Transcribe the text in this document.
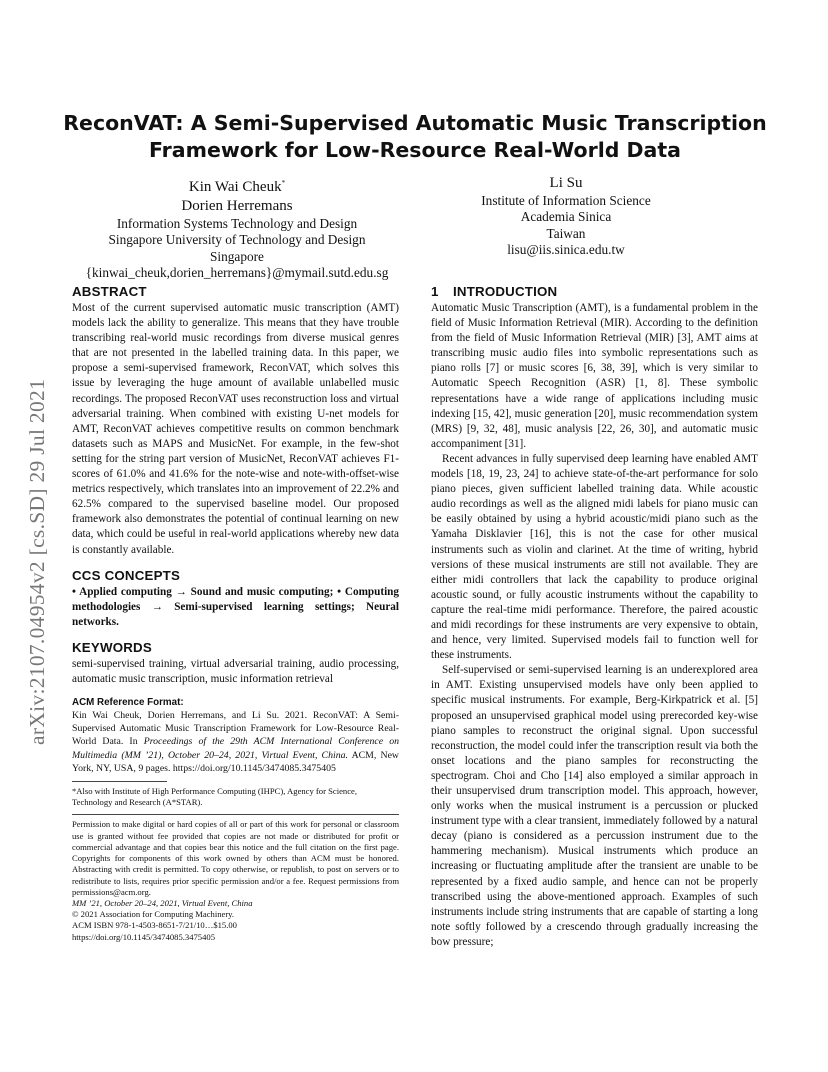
arXiv:2107.04954v2 [cs.SD] 29 Jul 2021
ReconVAT: A Semi-Supervised Automatic Music Transcription
Framework for Low-Resource Real-World Data
Kin Wai Cheuk*
Dorien Herremans
Information Systems Technology and Design
Singapore University of Technology and Design
Singapore
{kinwai_cheuk,dorien_herremans}@mymail.sutd.edu.sg
Li Su
Institute of Information Science
Academia Sinica
Taiwan
lisu@iis.sinica.edu.tw
ABSTRACT

Most of the current supervised automatic music transcription (AMT) models lack the ability to generalize. This means that they have trouble transcribing real-world music recordings from diverse musical genres that are not presented in the labelled training data. In this paper, we propose a semi-supervised framework, ReconVAT, which solves this issue by leveraging the huge amount of available unlabelled music recordings. The proposed ReconVAT uses reconstruction loss and virtual adversarial training. When combined with existing U-net models for AMT, ReconVAT achieves competitive results on common benchmark datasets such as MAPS and MusicNet. For example, in the few-shot setting for the string part version of MusicNet, ReconVAT achieves F1-scores of 61.0% and 41.6% for the note-wise and note-with-offset-wise metrics respectively, which translates into an improvement of 22.2% and 62.5% compared to the supervised baseline model. Our proposed framework also demonstrates the potential of continual learning on new data, which could be useful in real-world applications whereby new data is constantly available.

CCS CONCEPTS

• Applied computing → Sound and music computing; • Computing methodologies → Semi-supervised learning settings; Neural networks.

KEYWORDS

semi-supervised training, virtual adversarial training, audio processing, automatic music transcription, music information retrieval

ACM Reference Format:

Kin Wai Cheuk, Dorien Herremans, and Li Su. 2021. ReconVAT: A Semi-Supervised Automatic Music Transcription Framework for Low-Resource Real-World Data. In Proceedings of the 29th ACM International Conference on Multimedia (MM ’21), October 20–24, 2021, Virtual Event, China. ACM, New York, NY, USA, 9 pages. https://doi.org/10.1145/3474085.3475405

*Also with Institute of High Performance Computing (IHPC), Agency for Science, Technology and Research (A*STAR).

Permission to make digital or hard copies of all or part of this work for personal or classroom use is granted without fee provided that copies are not made or distributed for profit or commercial advantage and that copies bear this notice and the full citation on the first page. Copyrights for components of this work owned by others than ACM must be honored. Abstracting with credit is permitted. To copy otherwise, or republish, to post on servers or to redistribute to lists, requires prior specific permission and/or a fee. Request permissions from permissions@acm.org.

MM ’21, October 20–24, 2021, Virtual Event, China

© 2021 Association for Computing Machinery.

ACM ISBN 978-1-4503-8651-7/21/10…$15.00

https://doi.org/10.1145/3474085.3475405

1	INTRODUCTION

Automatic Music Transcription (AMT), is a fundamental problem in the field of Music Information Retrieval (MIR). According to the definition from the field of Music Information Retrieval (MIR) [3], AMT aims at transcribing music audio files into symbolic representations such as piano rolls [7] or music scores [6, 38, 39], which is very similar to Automatic Speech Recognition (ASR) [1, 8]. These symbolic representations have a wide range of applications including music indexing [15, 42], music generation [20], music recommendation system (MRS) [9, 32, 48], music analysis [22, 26, 30], and automatic music accompaniment [31].

Recent advances in fully supervised deep learning have enabled AMT models [18, 19, 23, 24] to achieve state-of-the-art performance for solo piano pieces, given sufficient labelled training data. While acoustic audio recordings as well as the aligned midi labels for piano music can be easily obtained by using a hybrid acoustic/midi piano such as the Yamaha Disklavier [16], this is not the case for other musical instruments such as violin and clarinet. At the time of writing, hybrid versions of these musical instruments are still not available. They are either midi controllers that lack the capability to produce original acoustic sound, or fully acoustic instruments without the capability to capture the real-time midi performance. Therefore, the paired acoustic and midi recordings for these instruments are very expensive to obtain, and hence, very limited. Supervised models fail to function well for these instruments.

Self-supervised or semi-supervised learning is an underexplored area in AMT. Existing unsupervised models have only been applied to specific musical instruments. For example, Berg-Kirkpatrick et al. [5] proposed an unsupervised graphical model using prerecorded key-wise piano samples to reconstruct the original signal. Upon successful reconstruction, the model could infer the transcription result via both the onset locations and the piano samples for reconstructing the spectrogram. Choi and Cho [14] also employed a similar approach in their unsupervised drum transcription model. This approach, however, only works when the musical instrument is a percussion or plucked instrument type with a clear transient, immediately followed by a natural decay (piano is considered as a percussion instrument due to the hammering mechanism). Musical instruments which produce an increasing or fluctuating amplitude after the transient are unable to be represented by a fixed audio sample, and hence can not be properly transcribed using the above-mentioned approach. Examples of such instruments include string instruments that are capable of starting a long note softly followed by a crescendo through gradually increasing the bow pressure;
